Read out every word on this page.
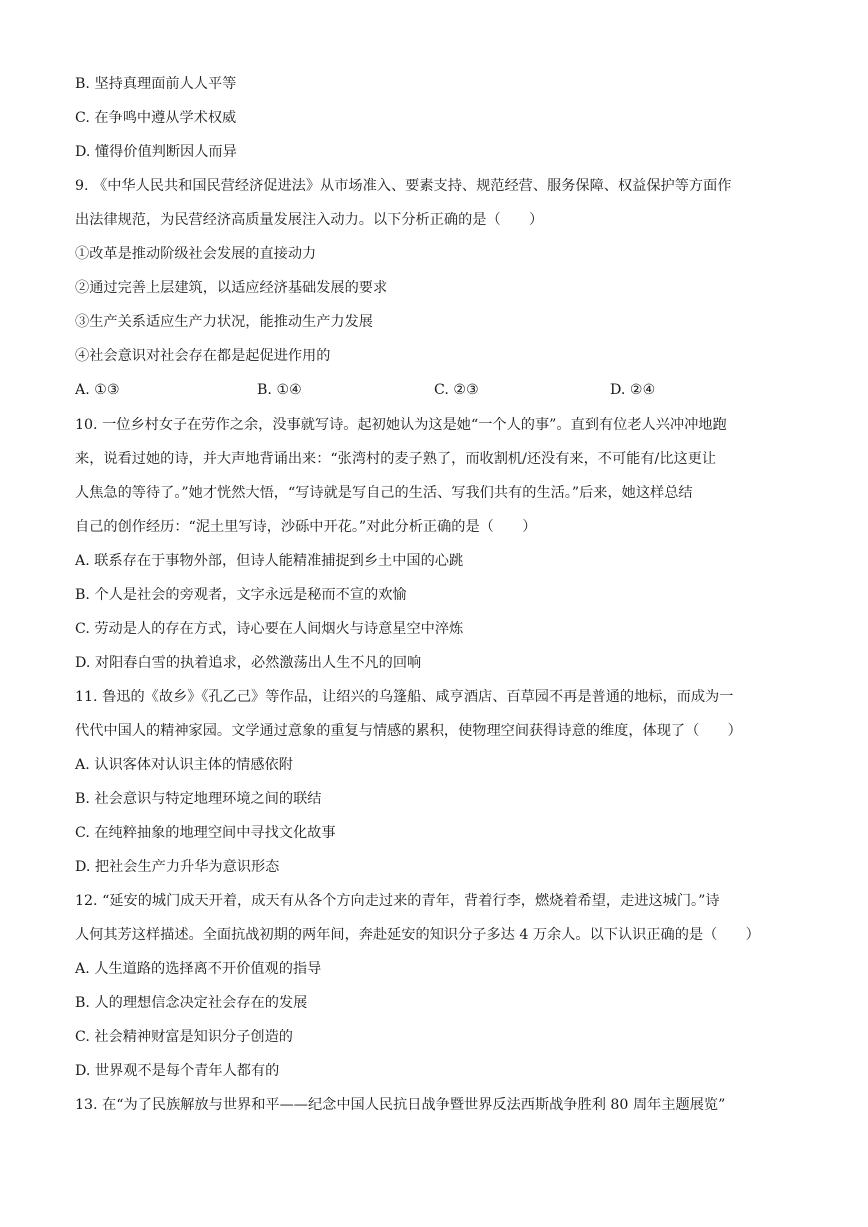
B. 坚持真理面前人人平等
C. 在争鸣中遵从学术权威
D. 懂得价值判断因人而异
9. 《中华人民共和国民营经济促进法》从市场准入、要素支持、规范经营、服务保障、权益保护等方面作
出法律规范，为民营经济高质量发展注入动力。以下分析正确的是（　　）
①改革是推动阶级社会发展的直接动力
②通过完善上层建筑，以适应经济基础发展的要求
③生产关系适应生产力状况，能推动生产力发展
④社会意识对社会存在都是起促进作用的
A. ①③	B. ①④	C. ②③	D. ②④
10. 一位乡村女子在劳作之余，没事就写诗。起初她认为这是她“一个人的事”。直到有位老人兴冲冲地跑
来，说看过她的诗，并大声地背诵出来：“张湾村的麦子熟了，而收割机/还没有来，不可能有/比这更让
人焦急的等待了。”她才恍然大悟，“写诗就是写自己的生活、写我们共有的生活。”后来，她这样总结
自己的创作经历：“泥土里写诗，沙砾中开花。”对此分析正确的是（　　）
A. 联系存在于事物外部，但诗人能精准捕捉到乡土中国的心跳
B. 个人是社会的旁观者，文字永远是秘而不宣的欢愉
C. 劳动是人的存在方式，诗心要在人间烟火与诗意星空中淬炼
D. 对阳春白雪的执着追求，必然激荡出人生不凡的回响
11. 鲁迅的《故乡》《孔乙己》等作品，让绍兴的乌篷船、咸亨酒店、百草园不再是普通的地标，而成为一
代代中国人的精神家园。文学通过意象的重复与情感的累积，使物理空间获得诗意的维度，体现了（　　）
A. 认识客体对认识主体的情感依附
B. 社会意识与特定地理环境之间的联结
C. 在纯粹抽象的地理空间中寻找文化故事
D. 把社会生产力升华为意识形态
12. “延安的城门成天开着，成天有从各个方向走过来的青年，背着行李，燃烧着希望，走进这城门。”诗
人何其芳这样描述。全面抗战初期的两年间，奔赴延安的知识分子多达 4 万余人。以下认识正确的是（　　）
A. 人生道路的选择离不开价值观的指导
B. 人的理想信念决定社会存在的发展
C. 社会精神财富是知识分子创造的
D. 世界观不是每个青年人都有的
13. 在“为了民族解放与世界和平——纪念中国人民抗日战争暨世界反法西斯战争胜利 80 周年主题展览”
